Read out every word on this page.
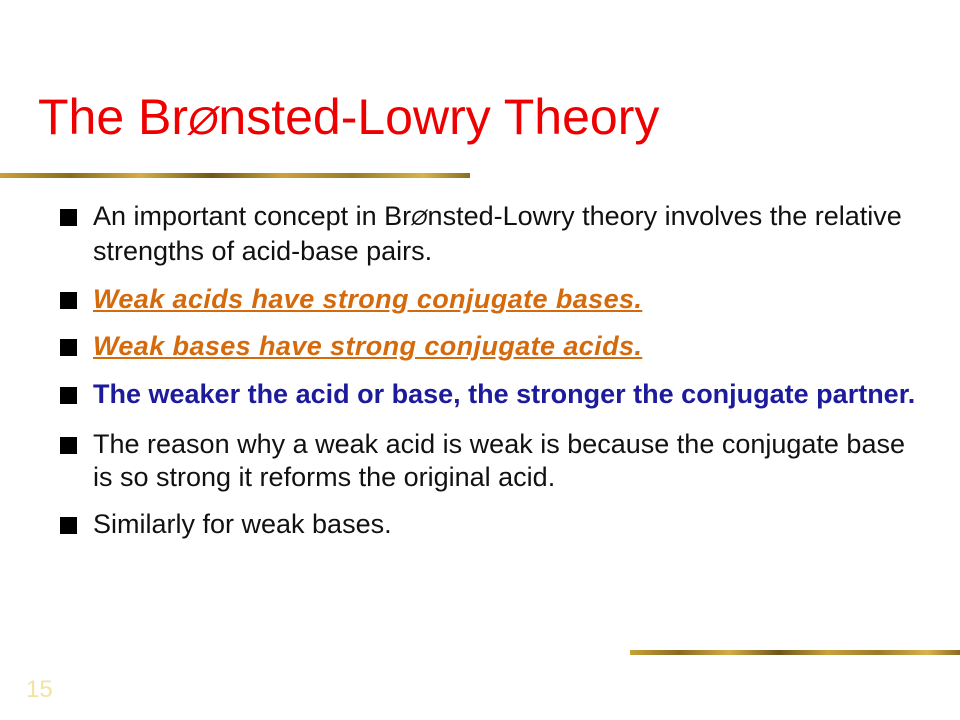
The BrØnsted-Lowry Theory
An important concept in BrØnsted-Lowry theory involves the relative strengths of acid-base pairs.
Weak acids have strong conjugate bases.
Weak bases have strong conjugate acids.
The weaker the acid or base, the stronger the conjugate partner.
The reason why a weak acid is weak is because the conjugate base is so strong it reforms the original acid.
Similarly for weak bases.
15
